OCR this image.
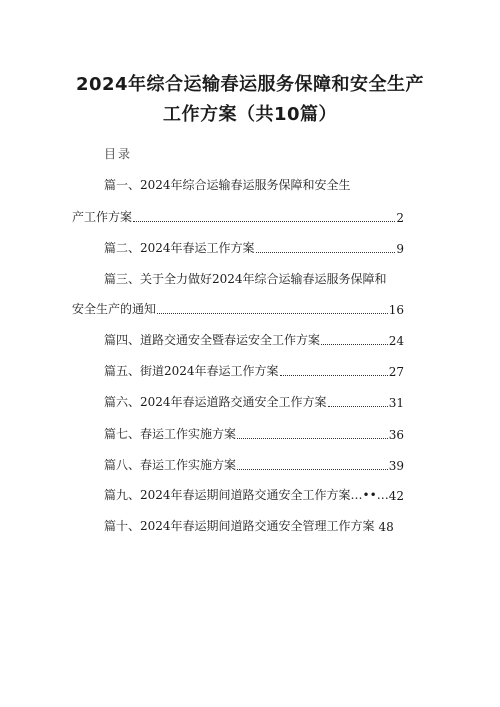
2024年综合运输春运服务保障和安全生产
工作方案（共10篇）
目录
篇一、2024年综合运输春运服务保障和安全生
产工作方案	2
篇二、2024年春运工作方案	9
篇三、关于全力做好2024年综合运输春运服务保障和
安全生产的通知	16
篇四、道路交通安全暨春运安全工作方案	24
篇五、街道2024年春运工作方案	27
篇六、2024年春运道路交通安全工作方案	31
篇七、春运工作实施方案	36
篇八、春运工作实施方案	39
篇九、2024年春运期间道路交通安全工作方案…••… 42
篇十、2024年春运期间道路交通安全管理工作方案 48
